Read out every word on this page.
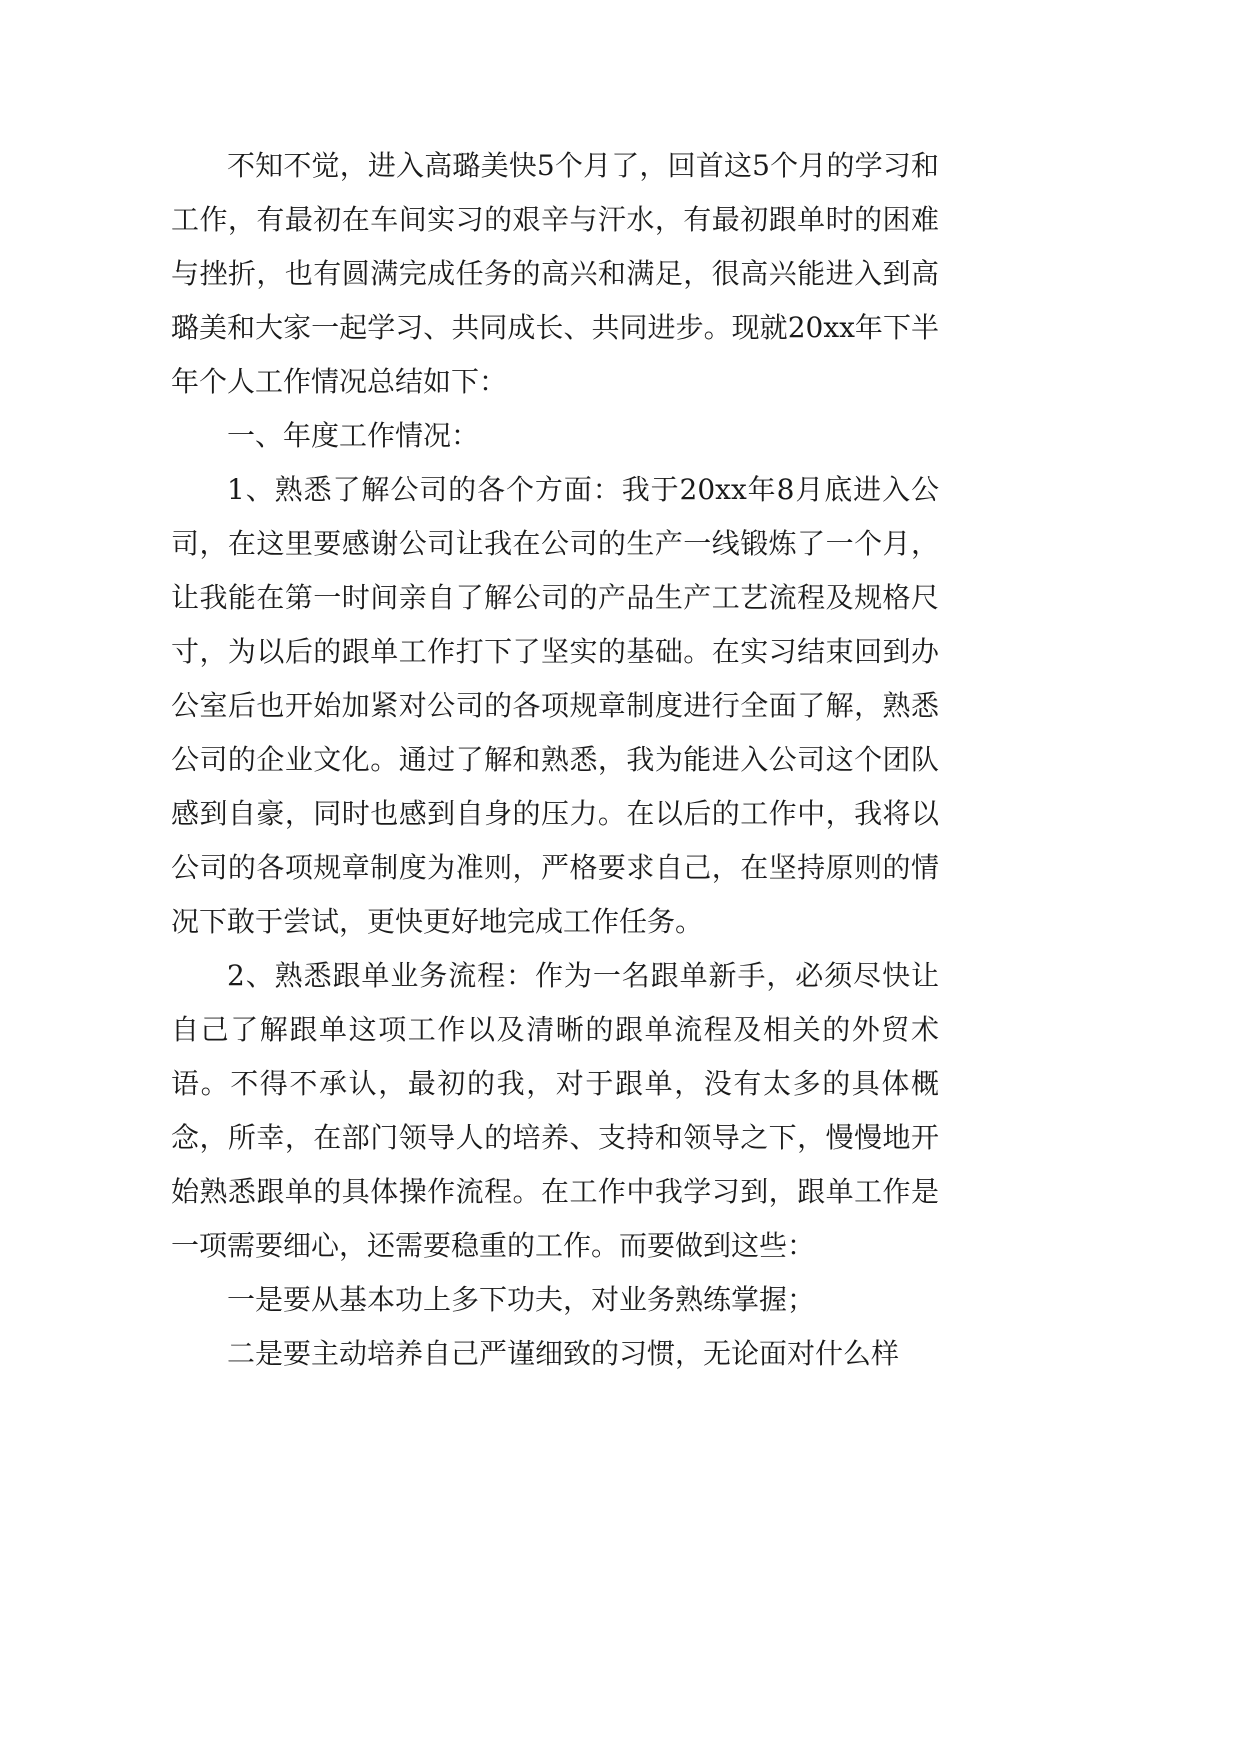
不知不觉，进入高璐美快5个月了，回首这5个月的学习和工作，有最初在车间实习的艰辛与汗水，有最初跟单时的困难与挫折，也有圆满完成任务的高兴和满足，很高兴能进入到高璐美和大家一起学习、共同成长、共同进步。现就20xx年下半年个人工作情况总结如下：

一、年度工作情况：

1、熟悉了解公司的各个方面：我于20xx年8月底进入公司，在这里要感谢公司让我在公司的生产一线锻炼了一个月，让我能在第一时间亲自了解公司的产品生产工艺流程及规格尺寸，为以后的跟单工作打下了坚实的基础。在实习结束回到办公室后也开始加紧对公司的各项规章制度进行全面了解，熟悉公司的企业文化。通过了解和熟悉，我为能进入公司这个团队感到自豪，同时也感到自身的压力。在以后的工作中，我将以公司的各项规章制度为准则，严格要求自己，在坚持原则的情况下敢于尝试，更快更好地完成工作任务。

2、熟悉跟单业务流程：作为一名跟单新手，必须尽快让自己了解跟单这项工作以及清晰的跟单流程及相关的外贸术语。不得不承认，最初的我，对于跟单，没有太多的具体概念，所幸，在部门领导人的培养、支持和领导之下，慢慢地开始熟悉跟单的具体操作流程。在工作中我学习到，跟单工作是一项需要细心，还需要稳重的工作。而要做到这些：

一是要从基本功上多下功夫，对业务熟练掌握；

二是要主动培养自己严谨细致的习惯，无论面对什么样
